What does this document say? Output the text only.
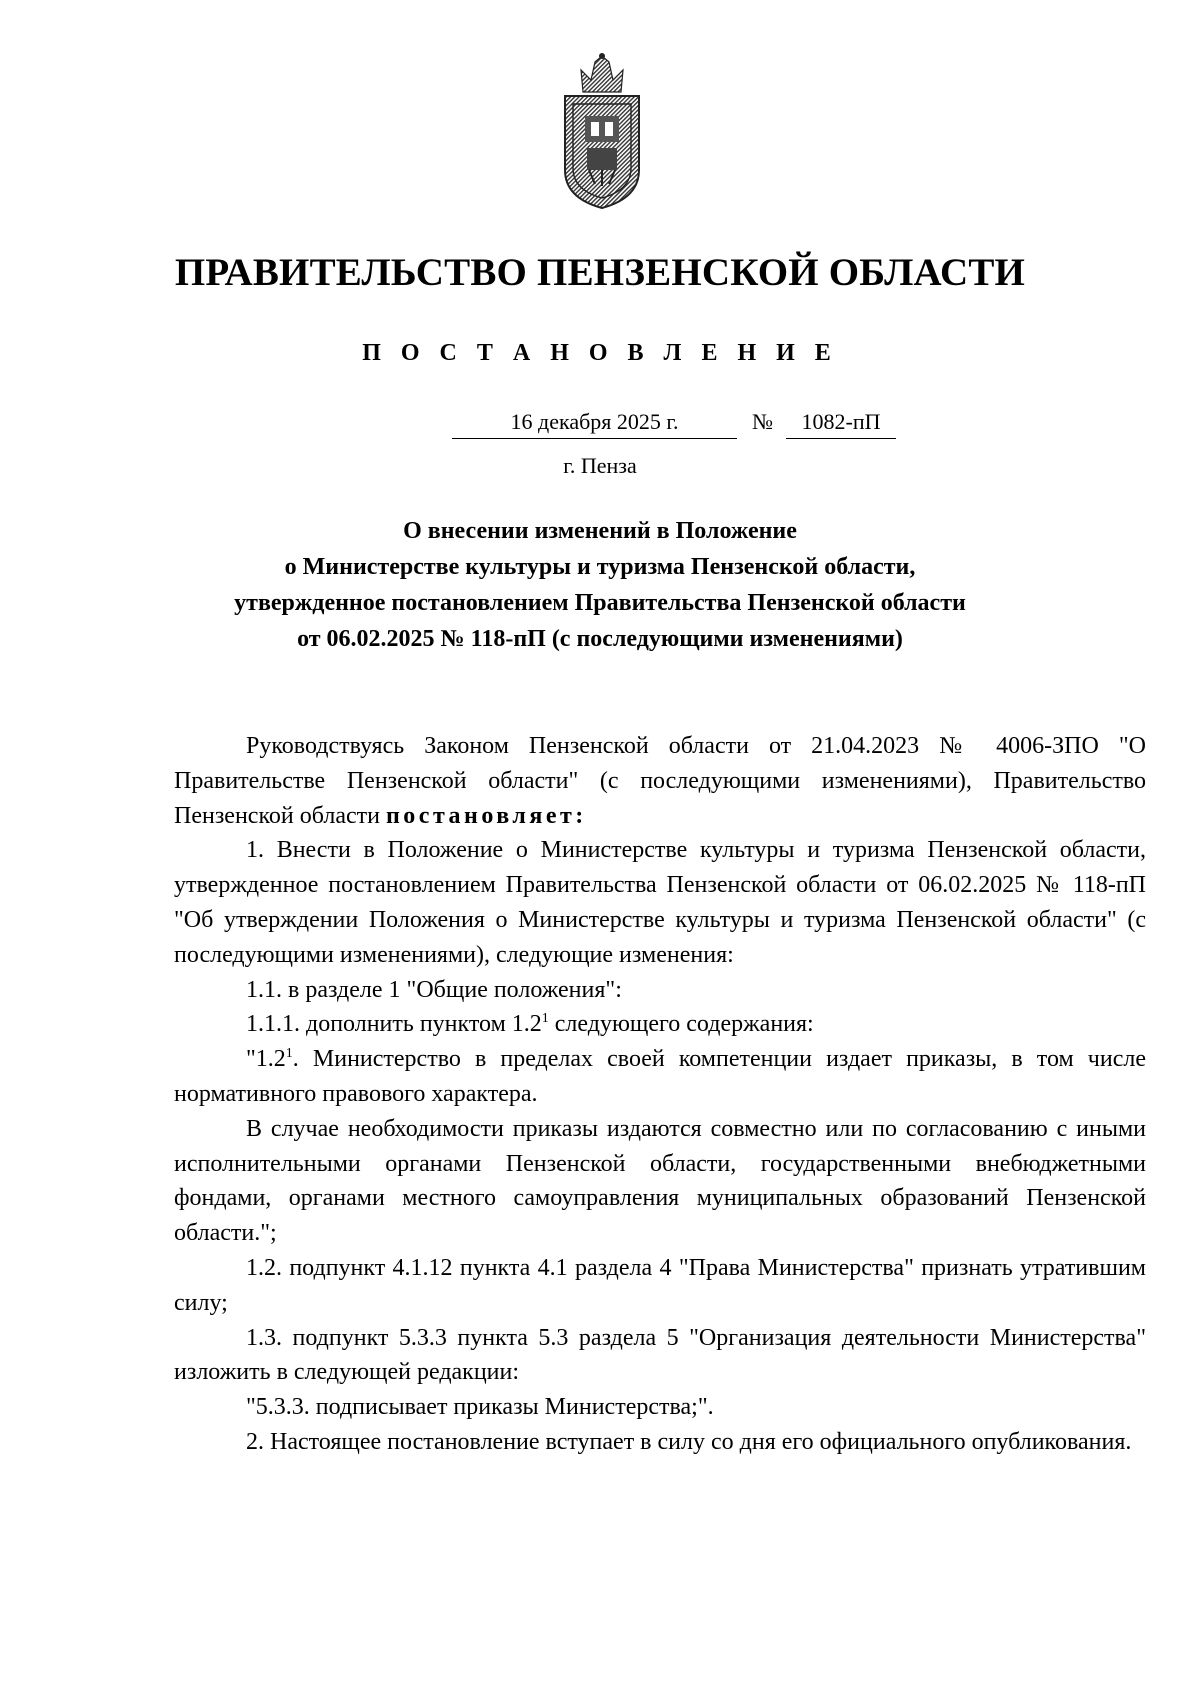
ПРАВИТЕЛЬСТВО ПЕНЗЕНСКОЙ ОБЛАСТИ
П О С Т А Н О В Л Е Н И Е
16 декабря 2025 г.	№	1082-пП
г. Пенза
О внесении изменений в Положение
о Министерстве культуры и туризма Пензенской области,
утвержденное постановлением Правительства Пензенской области
от 06.02.2025 № 118-пП (с последующими изменениями)

Руководствуясь Законом Пензенской области от 21.04.2023 № 4006-ЗПО "О Правительстве Пензенской области" (с последующими изменениями), Правительство Пензенской области постановляет:

1. Внести в Положение о Министерстве культуры и туризма Пензенской области, утвержденное постановлением Правительства Пензенской области от 06.02.2025 № 118-пП "Об утверждении Положения о Министерстве культуры и туризма Пензенской области" (с последующими изменениями), следующие изменения:

1.1. в разделе 1 "Общие положения":

1.1.1. дополнить пунктом $1.2^1$ следующего содержания:

"$1.2^1$. Министерство в пределах своей компетенции издает приказы, в том числе нормативного правового характера.

В случае необходимости приказы издаются совместно или по согласованию с иными исполнительными органами Пензенской области, государственными внебюджетными фондами, органами местного самоуправления муниципальных образований Пензенской области.";

1.2. подпункт 4.1.12 пункта 4.1 раздела 4 "Права Министерства" признать утратившим силу;

1.3. подпункт 5.3.3 пункта 5.3 раздела 5 "Организация деятельности Министерства" изложить в следующей редакции:

"5.3.3. подписывает приказы Министерства;".

2. Настоящее постановление вступает в силу со дня его официального опубликования.
